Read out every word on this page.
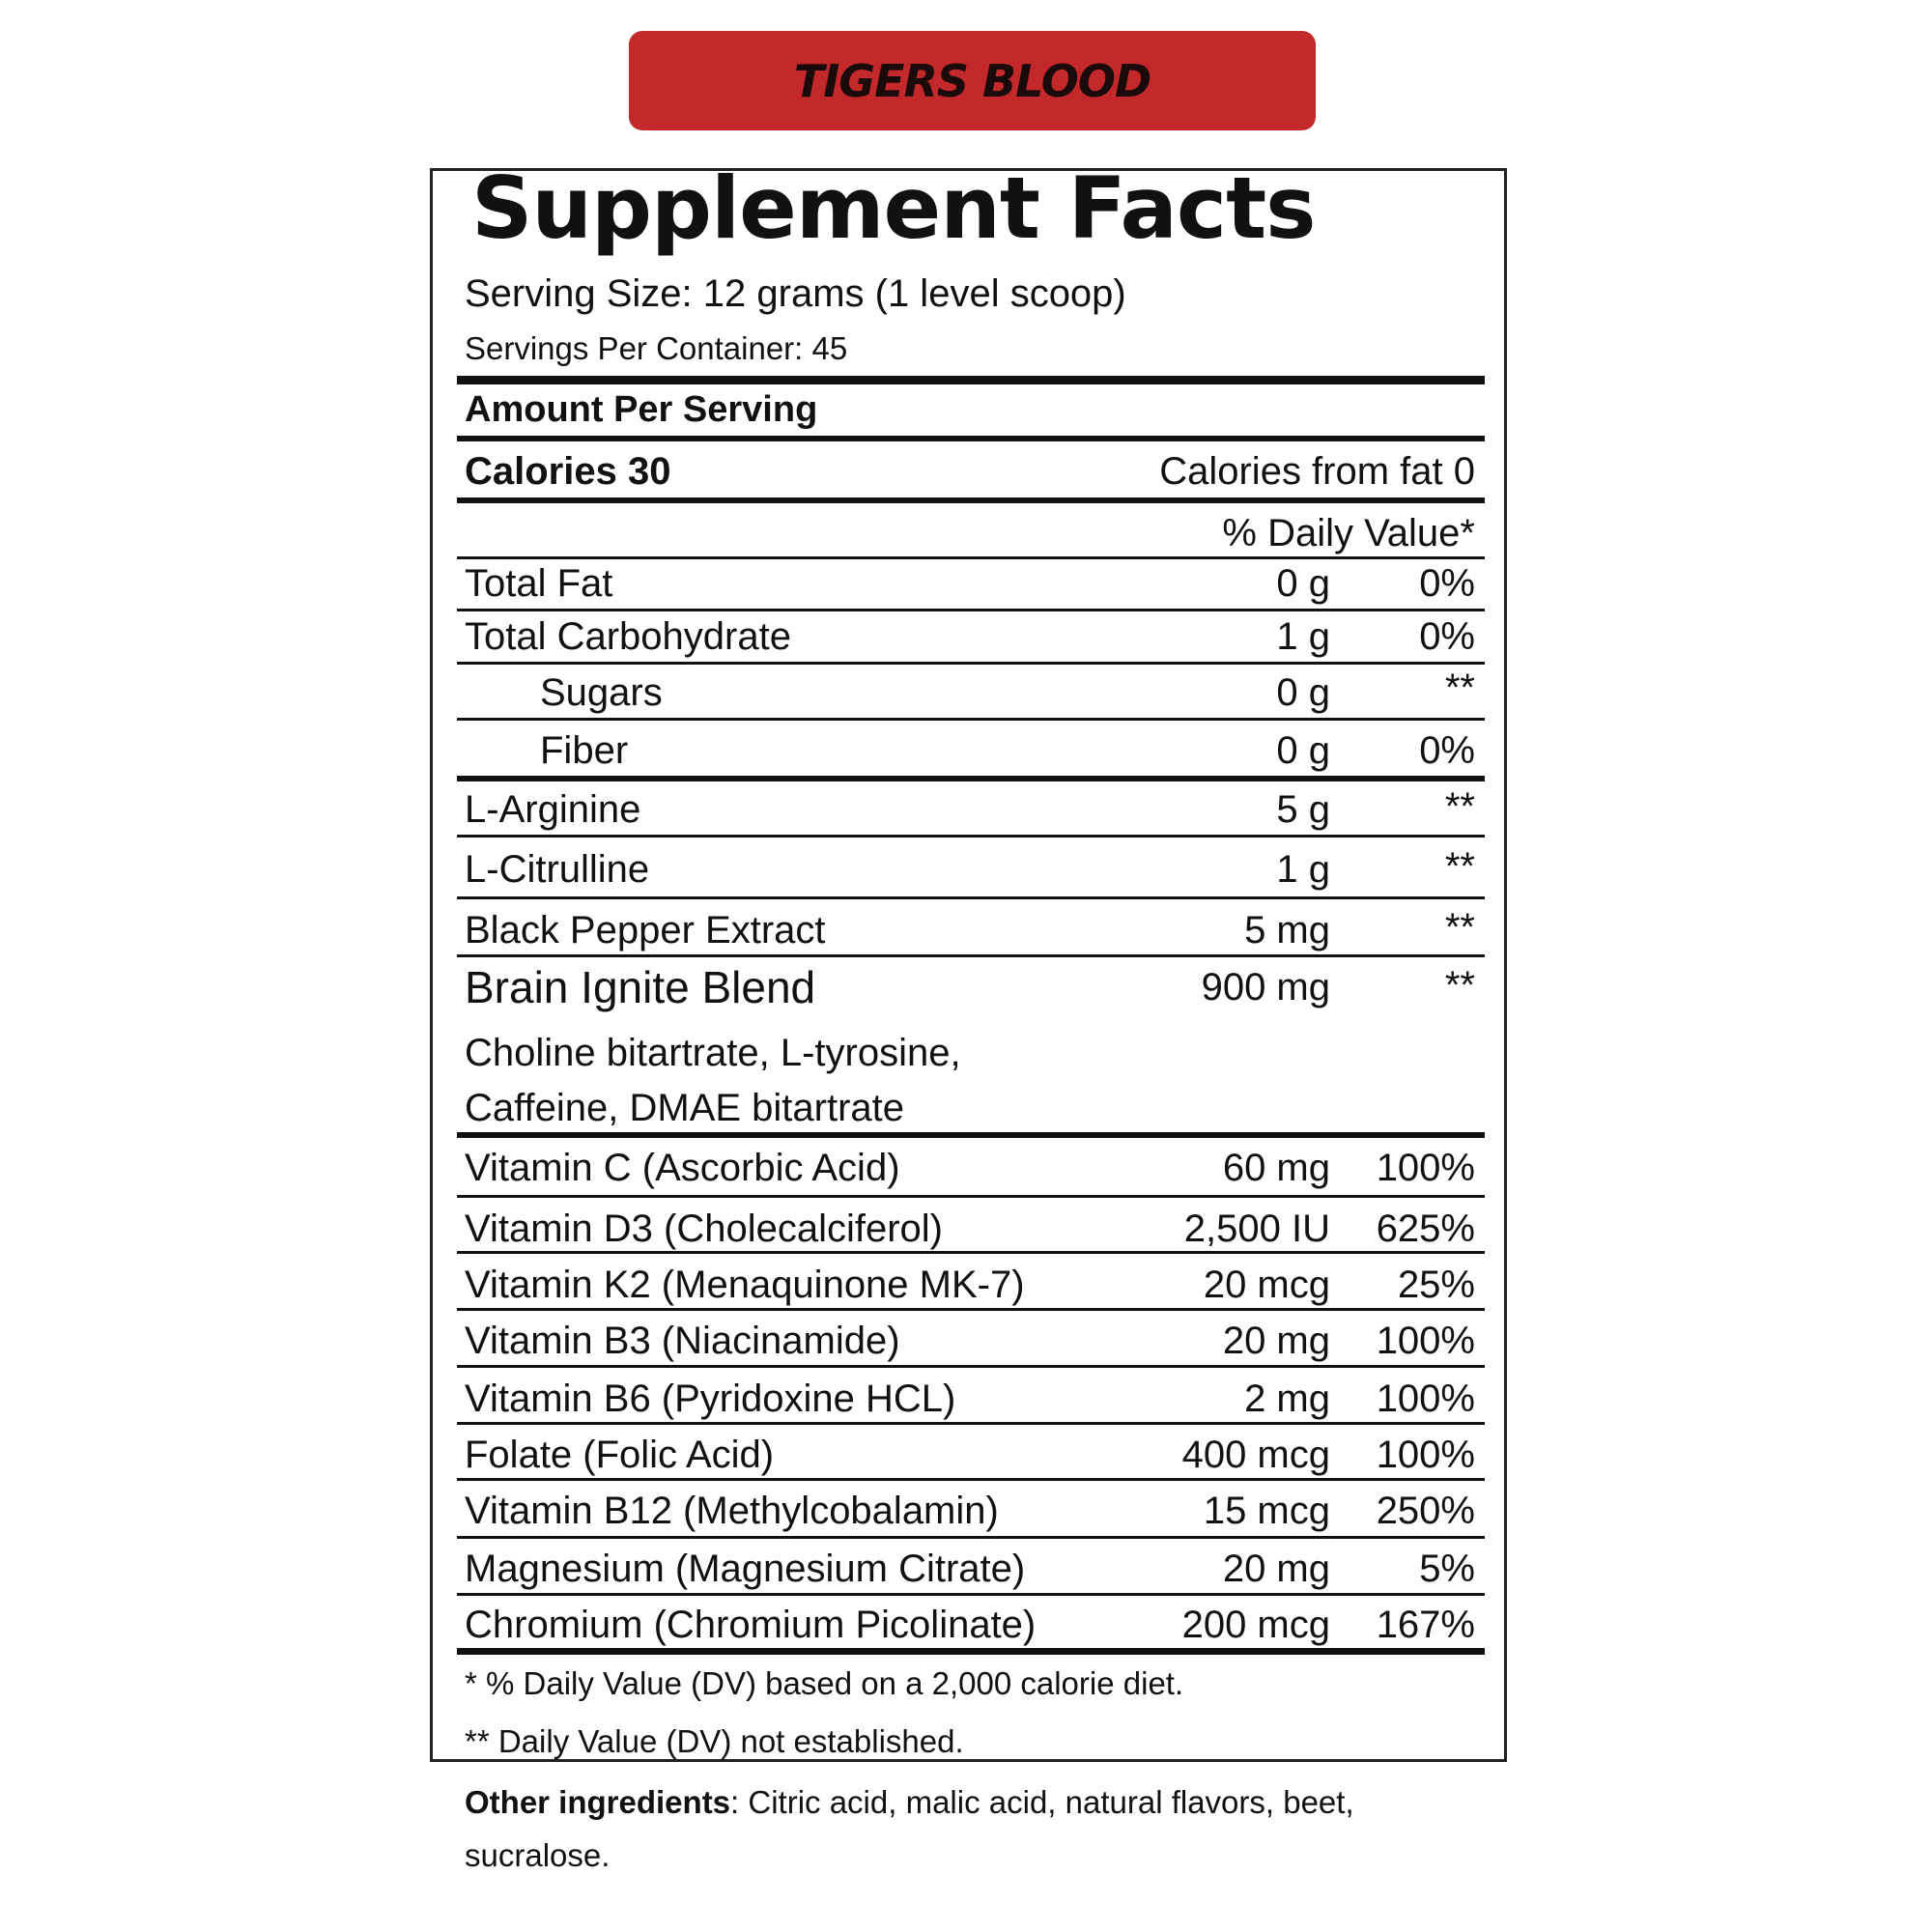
TIGERS BLOOD
Supplement Facts
Serving Size: 12 grams (1 level scoop)
Servings Per Container: 45
Amount Per Serving
Calories 30	Calories from fat 0
% Daily Value*
Total Fat	0 g 0%
Total Carbohydrate	1 g 0%
Sugars	0 g	**
Fiber	0 g 0%
L-Arginine	5 g	**
L-Citrulline	1 g	**
Black Pepper Extract	5 mg	**
Brain Ignite Blend	900 mg	**
Choline bitartrate, L-tyrosine,
Caffeine, DMAE bitartrate
Vitamin C (Ascorbic Acid)	60 mg 100%
Vitamin D3 (Cholecalciferol)	2,500 IU 625%
Vitamin K2 (Menaquinone MK-7)	20 mcg 25%
Vitamin B3 (Niacinamide)	20 mg 100%
Vitamin B6 (Pyridoxine HCL)	2 mg 100%
Folate (Folic Acid)	400 mcg 100%
Vitamin B12 (Methylcobalamin)	15 mcg 250%
Magnesium (Magnesium Citrate)	20 mg 5%
Chromium (Chromium Picolinate)	200 mcg 167%
* % Daily Value (DV) based on a 2,000 calorie diet.
** Daily Value (DV) not established.
Other ingredients: Citric acid, malic acid, natural flavors, beet, sucralose.
